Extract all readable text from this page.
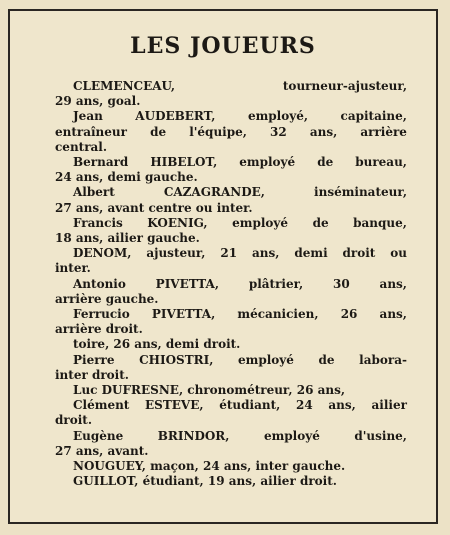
LES JOUEURS
CLEMENCEAU,	tourneur-ajusteur,
29 ans, goal.
Jean	AUDEBERT,	employé,	capitaine,
entraîneur de l'équipe, 32 ans, arrière
central.
Bernard HIBELOT, employé de bureau,
24 ans, demi gauche.
Albert	CAZAGRANDE,	inséminateur,
27 ans, avant centre ou inter.
Francis KOENIG, employé de banque,
18 ans, ailier gauche.
DENOM, ajusteur, 21 ans, demi droit ou
inter.
Antonio PIVETTA, plâtrier, 30 ans,
arrière gauche.
Ferrucio PIVETTA, mécanicien, 26 ans,
arrière droit.
toire, 26 ans, demi droit.
Pierre CHIOSTRI, employé de labora-
inter droit.
Luc DUFRESNE, chronométreur, 26 ans,
Clément ESTEVE, étudiant, 24 ans, ailier
droit.
Eugène	BRINDOR,	employé	d'usine,
27 ans, avant.
NOUGUEY, maçon, 24 ans, inter gauche.
GUILLOT, étudiant, 19 ans, ailier droit.
